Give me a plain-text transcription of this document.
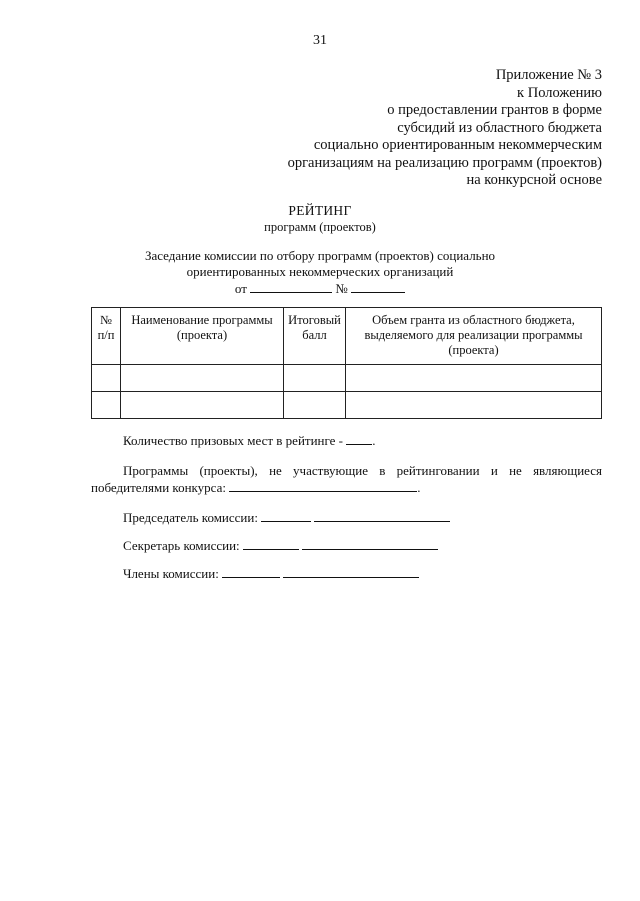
31
Приложение № 3
к Положению
о предоставлении грантов в форме
субсидий из областного бюджета
социально ориентированным некоммерческим
организациям на реализацию программ (проектов)
на конкурсной основе
РЕЙТИНГ
программ (проектов)
Заседание комиссии по отбору программ (проектов) социально
ориентированных некоммерческих организаций
от	№
№ п/п	Наименование программы (проекта)	Итоговый балл	Объем гранта из областного бюджета, выделяемого для реализации программы (проекта)

Количество призовых мест в рейтинге - .
Программы (проекты), не участвующие в рейтинговании и не являющиеся победителями конкурса:	.
Председатель комиссии:
Секретарь комиссии:
Члены комиссии:
